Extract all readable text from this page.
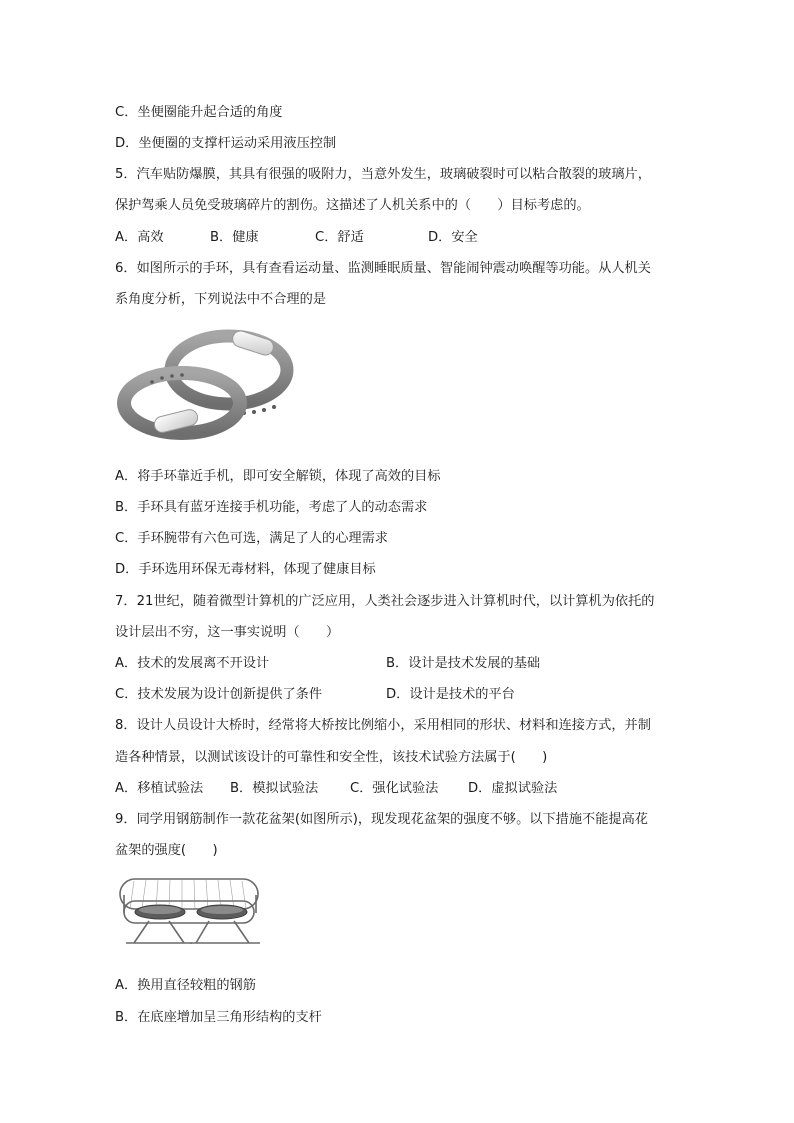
C．坐便圈能升起合适的角度
D．坐便圈的支撑杆运动采用液压控制
5．汽车贴防爆膜，其具有很强的吸附力，当意外发生，玻璃破裂时可以粘合散裂的玻璃片，
保护驾乘人员免受玻璃碎片的割伤。这描述了人机关系中的（　　）目标考虑的。
A．高效	B．健康	C．舒适	D．安全
6．如图所示的手环，具有查看运动量、监测睡眠质量、智能闹钟震动唤醒等功能。从人机关
系角度分析，下列说法中不合理的是
A．将手环靠近手机，即可安全解锁，体现了高效的目标
B．手环具有蓝牙连接手机功能，考虑了人的动态需求
C．手环腕带有六色可选，满足了人的心理需求
D．手环选用环保无毒材料，体现了健康目标
7．21世纪，随着微型计算机的广泛应用，人类社会逐步进入计算机时代，以计算机为依托的
设计层出不穷，这一事实说明（　　）
A．技术的发展离不开设计	B．设计是技术发展的基础
C．技术发展为设计创新提供了条件	D．设计是技术的平台
8．设计人员设计大桥时，经常将大桥按比例缩小，采用相同的形状、材料和连接方式，并制
造各种情景，以测试该设计的可靠性和安全性，该技术试验方法属于(　　)
A．移植试验法 B．模拟试验法 C．强化试验法 D．虚拟试验法
9．同学用钢筋制作一款花盆架(如图所示)，现发现花盆架的强度不够。以下措施不能提高花
盆架的强度(　　)
A．换用直径较粗的钢筋
B．在底座增加呈三角形结构的支杆
